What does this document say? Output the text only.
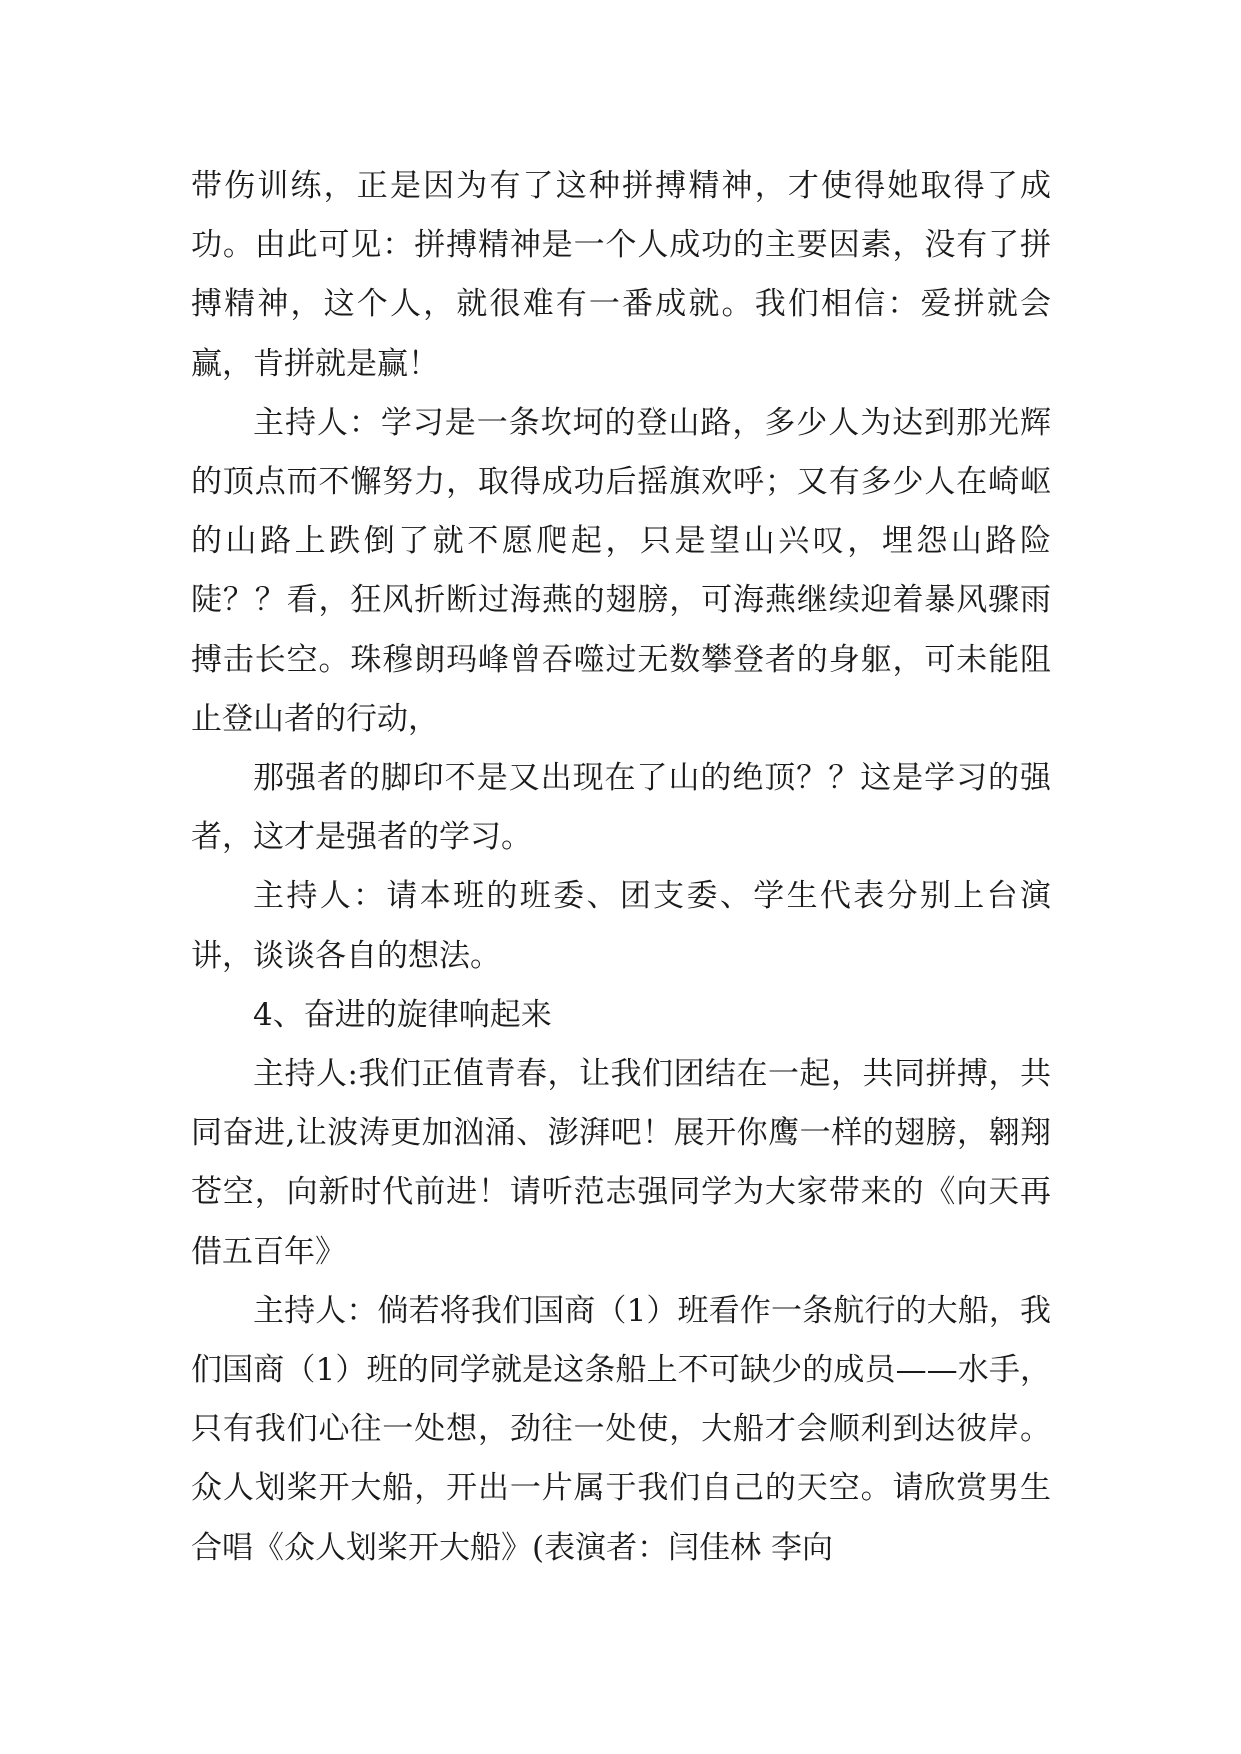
带伤训练，正是因为有了这种拼搏精神，才使得她取得了成功。由此可见：拼搏精神是一个人成功的主要因素，没有了拼搏精神，这个人，就很难有一番成就。我们相信：爱拼就会赢，肯拼就是赢！

主持人：学习是一条坎坷的登山路，多少人为达到那光辉的顶点而不懈努力，取得成功后摇旗欢呼；又有多少人在崎岖的山路上跌倒了就不愿爬起，只是望山兴叹，埋怨山路险陡？？看，狂风折断过海燕的翅膀，可海燕继续迎着暴风骤雨搏击长空。珠穆朗玛峰曾吞噬过无数攀登者的身躯，可未能阻止登山者的行动，

那强者的脚印不是又出现在了山的绝顶？？这是学习的强者，这才是强者的学习。

主持人：请本班的班委、团支委、学生代表分别上台演讲，谈谈各自的想法。

4、奋进的旋律响起来

主持人:我们正值青春，让我们团结在一起，共同拼搏，共同奋进,让波涛更加汹涌、澎湃吧！展开你鹰一样的翅膀，翱翔苍空，向新时代前进！请听范志强同学为大家带来的《向天再借五百年》

主持人：倘若将我们国商（1）班看作一条航行的大船，我们国商（1）班的同学就是这条船上不可缺少的成员——水手，只有我们心往一处想，劲往一处使，大船才会顺利到达彼岸。众人划桨开大船，开出一片属于我们自己的天空。请欣赏男生合唱《众人划桨开大船》(表演者：闫佳林 李向
